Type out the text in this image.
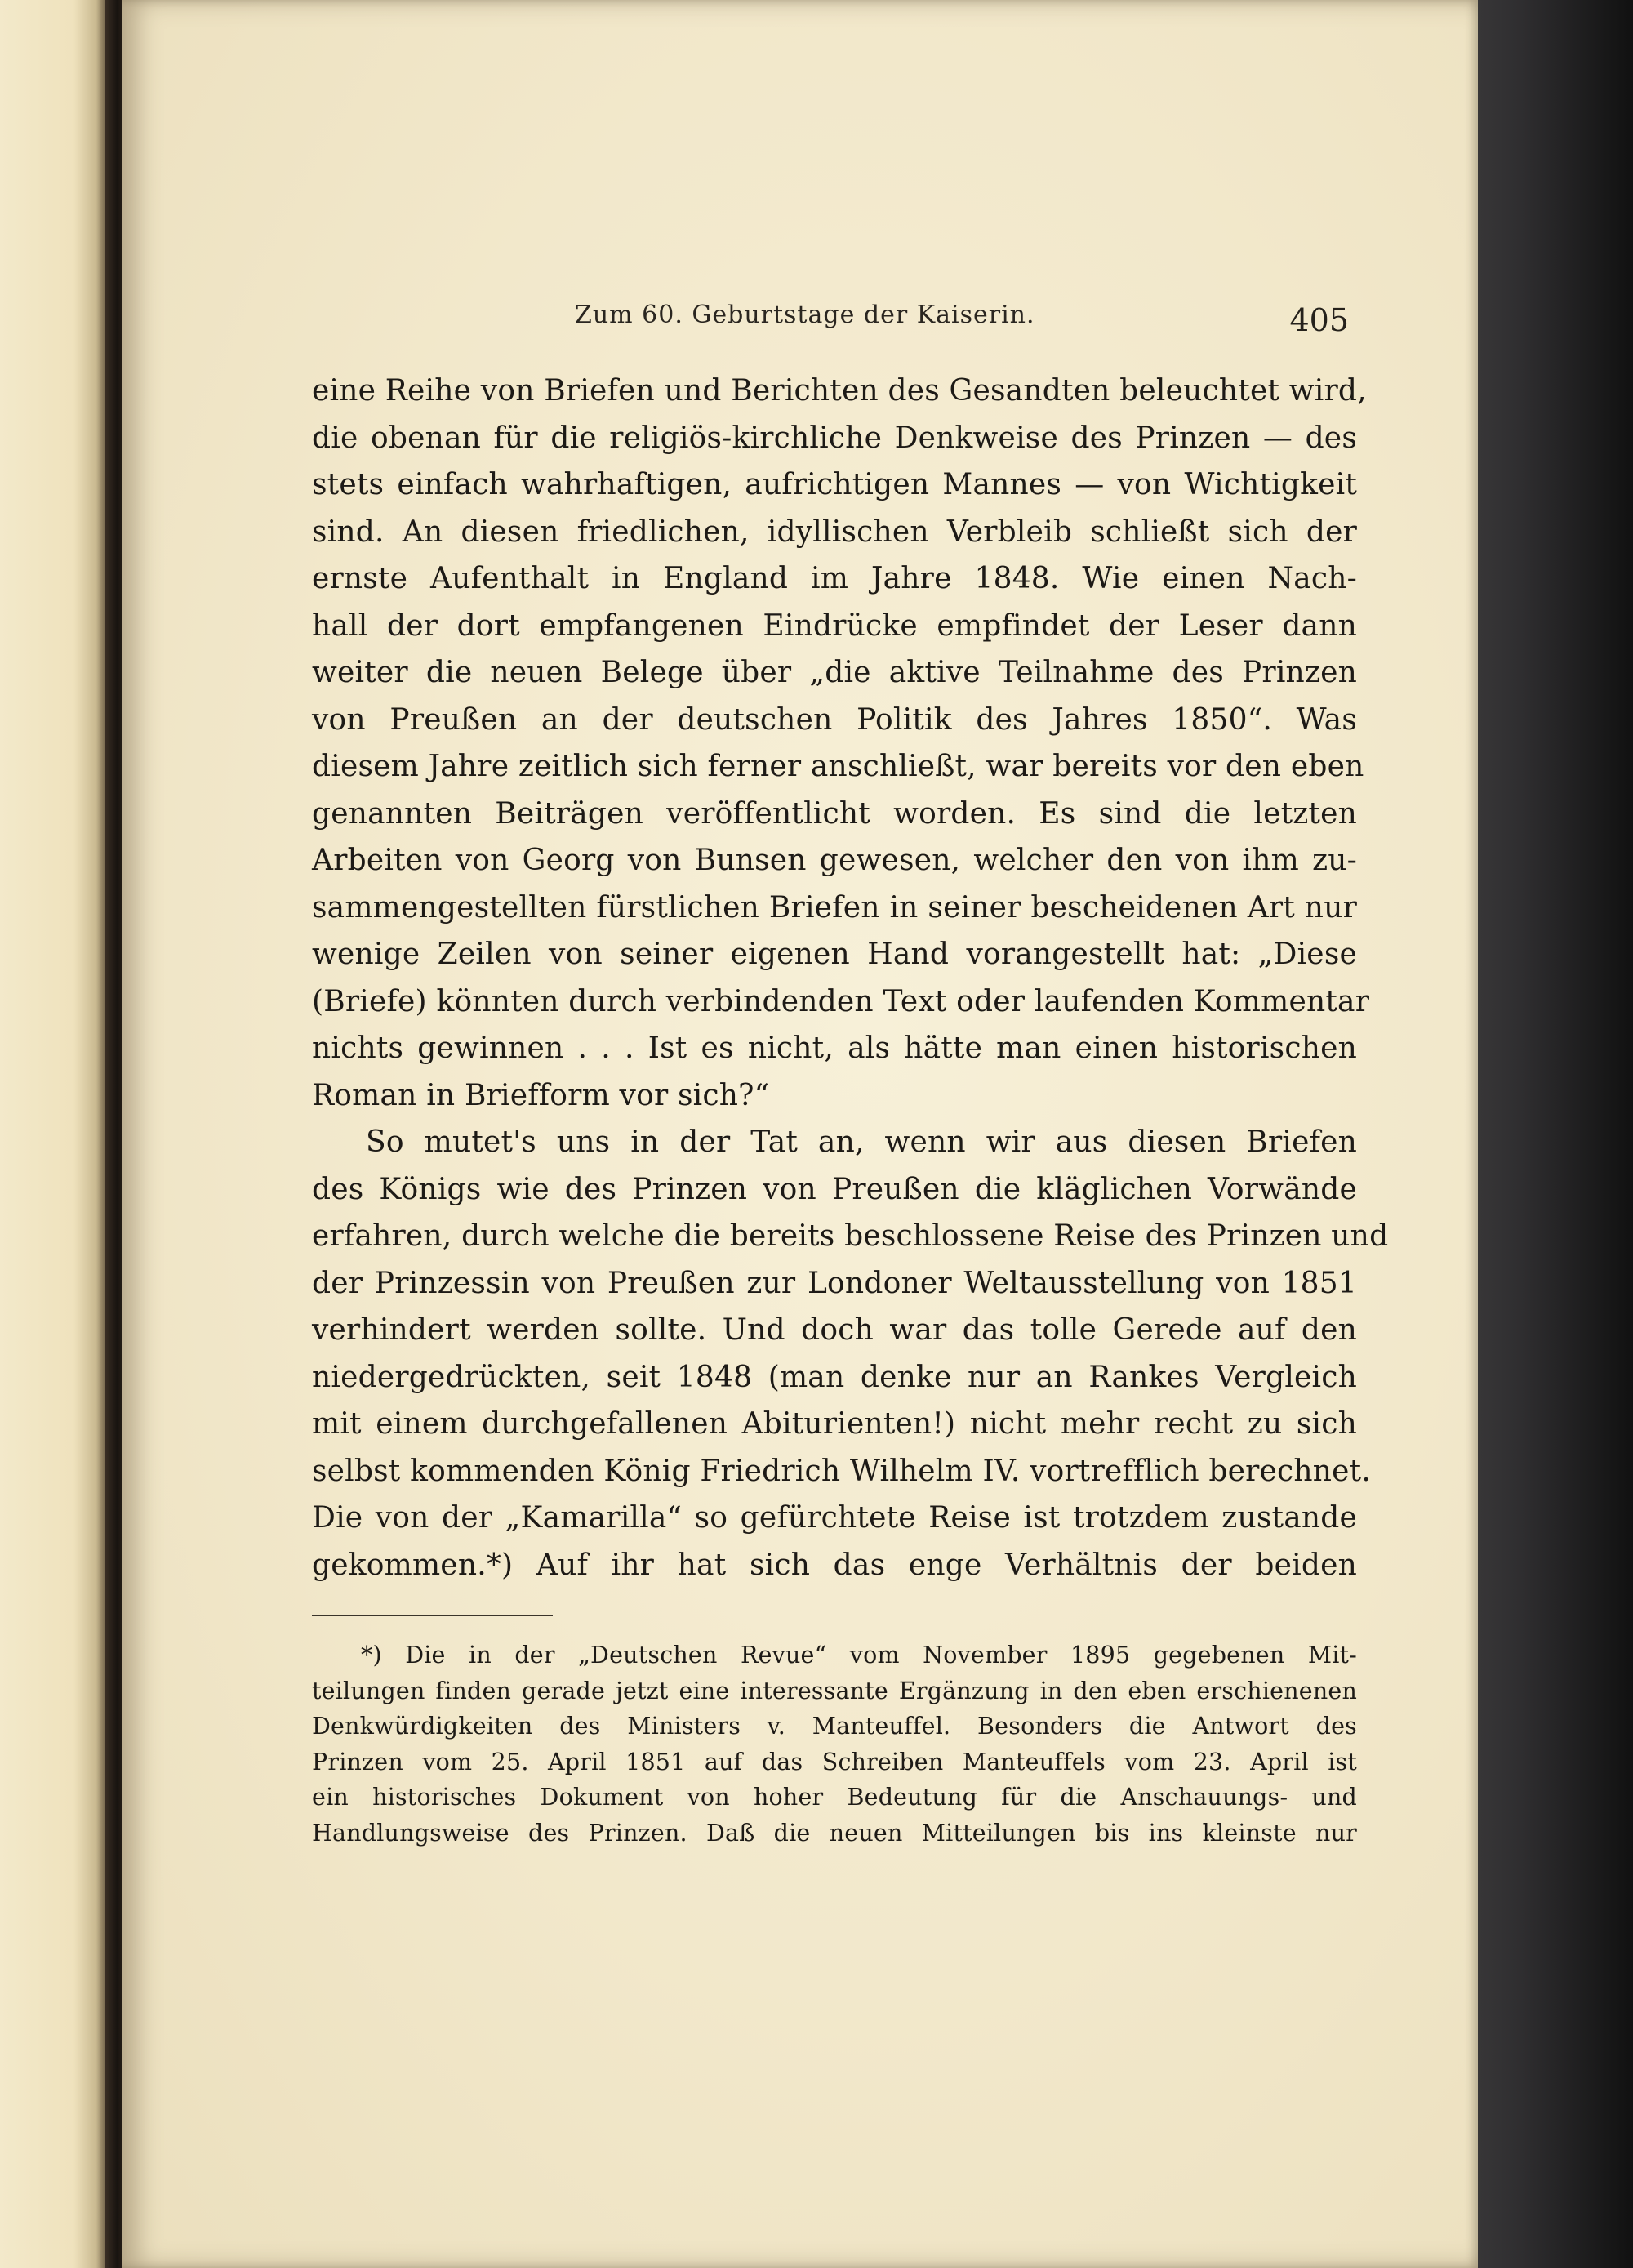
Zum 60. Geburtstage der Kaiserin.	405
eine Reihe von Briefen und Berichten des Gesandten beleuchtet wird,
die obenan für die religiös-kirchliche Denkweise des Prinzen — des
stets einfach wahrhaftigen, aufrichtigen Mannes — von Wichtigkeit
sind. An diesen friedlichen, idyllischen Verbleib schließt sich der
ernste Aufenthalt in England im Jahre 1848. Wie einen Nach-
hall der dort empfangenen Eindrücke empfindet der Leser dann
weiter die neuen Belege über „die aktive Teilnahme des Prinzen
von Preußen an der deutschen Politik des Jahres 1850“. Was
diesem Jahre zeitlich sich ferner anschließt, war bereits vor den eben
genannten Beiträgen veröffentlicht worden. Es sind die letzten
Arbeiten von Georg von Bunsen gewesen, welcher den von ihm zu-
sammengestellten fürstlichen Briefen in seiner bescheidenen Art nur
wenige Zeilen von seiner eigenen Hand vorangestellt hat: „Diese
(Briefe) könnten durch verbindenden Text oder laufenden Kommentar
nichts gewinnen . . . Ist es nicht, als hätte man einen historischen
Roman in Briefform vor sich?“
So mutet's uns in der Tat an, wenn wir aus diesen Briefen
des Königs wie des Prinzen von Preußen die kläglichen Vorwände
erfahren, durch welche die bereits beschlossene Reise des Prinzen und
der Prinzessin von Preußen zur Londoner Weltausstellung von 1851
verhindert werden sollte. Und doch war das tolle Gerede auf den
niedergedrückten, seit 1848 (man denke nur an Rankes Vergleich
mit einem durchgefallenen Abiturienten!) nicht mehr recht zu sich
selbst kommenden König Friedrich Wilhelm IV. vortrefflich berechnet.
Die von der „Kamarilla“ so gefürchtete Reise ist trotzdem zustande
gekommen.*) Auf ihr hat sich das enge Verhältnis der beiden
*) Die in der „Deutschen Revue“ vom November 1895 gegebenen Mit-
teilungen finden gerade jetzt eine interessante Ergänzung in den eben erschienenen
Denkwürdigkeiten des Ministers v. Manteuffel. Besonders die Antwort des
Prinzen vom 25. April 1851 auf das Schreiben Manteuffels vom 23. April ist
ein historisches Dokument von hoher Bedeutung für die Anschauungs- und
Handlungsweise des Prinzen. Daß die neuen Mitteilungen bis ins kleinste nur
